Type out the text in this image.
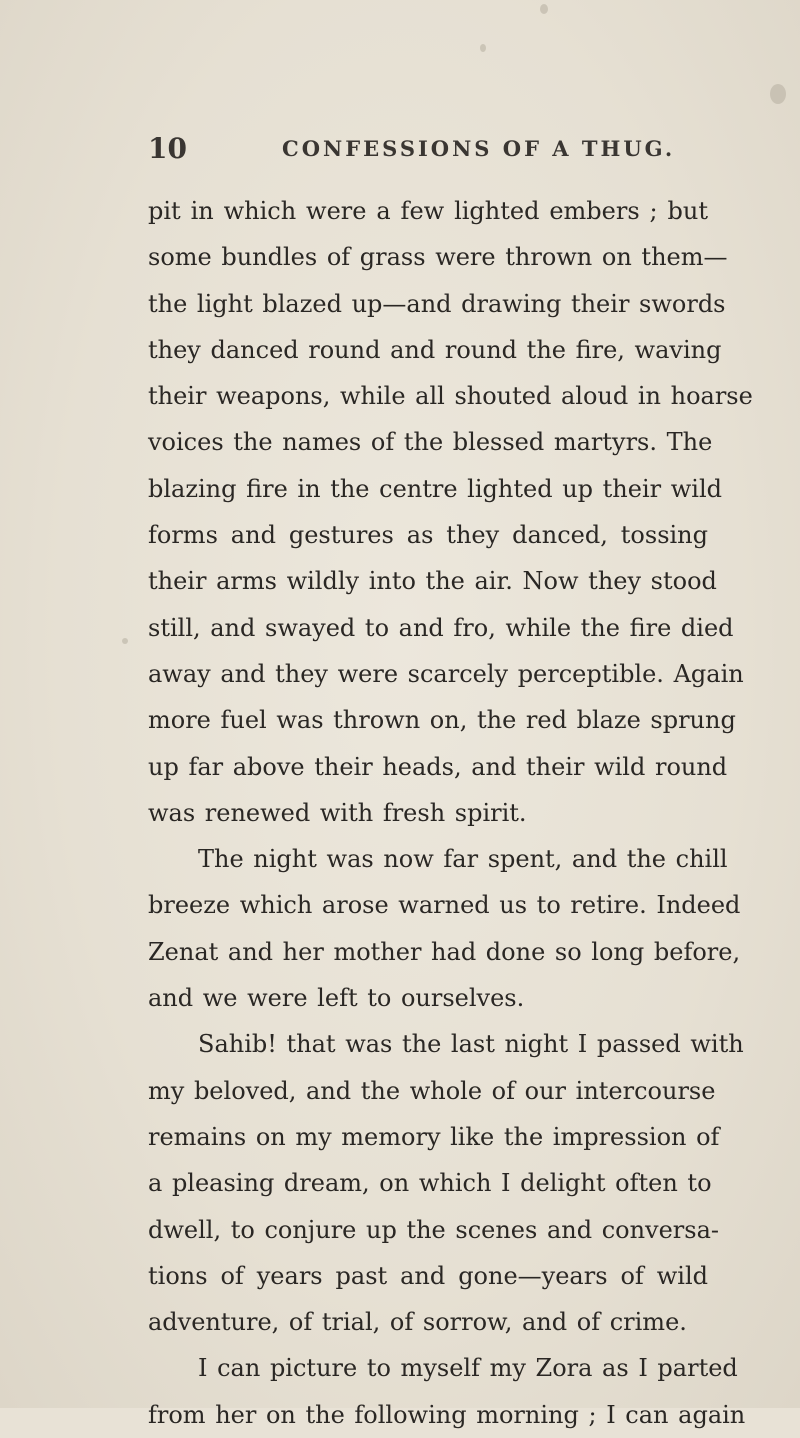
10	CONFESSIONS OF A THUG.
pit in which were a few lighted embers ; but
some bundles of grass were thrown on them—
the light blazed up—and drawing their swords
they danced round and round the fire, waving
their weapons, while all shouted aloud in hoarse
voices the names of the blessed martyrs. The
blazing fire in the centre lighted up their wild
forms and gestures as they danced, tossing
their arms wildly into the air. Now they stood
still, and swayed to and fro, while the fire died
away and they were scarcely perceptible. Again
more fuel was thrown on, the red blaze sprung
up far above their heads, and their wild round
was renewed with fresh spirit.
The night was now far spent, and the chill
breeze which arose warned us to retire. Indeed
Zenat and her mother had done so long before,
and we were left to ourselves.
Sahib! that was the last night I passed with
my beloved, and the whole of our intercourse
remains on my memory like the impression of
a pleasing dream, on which I delight often to
dwell, to conjure up the scenes and conversa-
tions of years past and gone—years of wild
adventure, of trial, of sorrow, and of crime.
I can picture to myself my Zora as I parted
from her on the following morning ; I can again
